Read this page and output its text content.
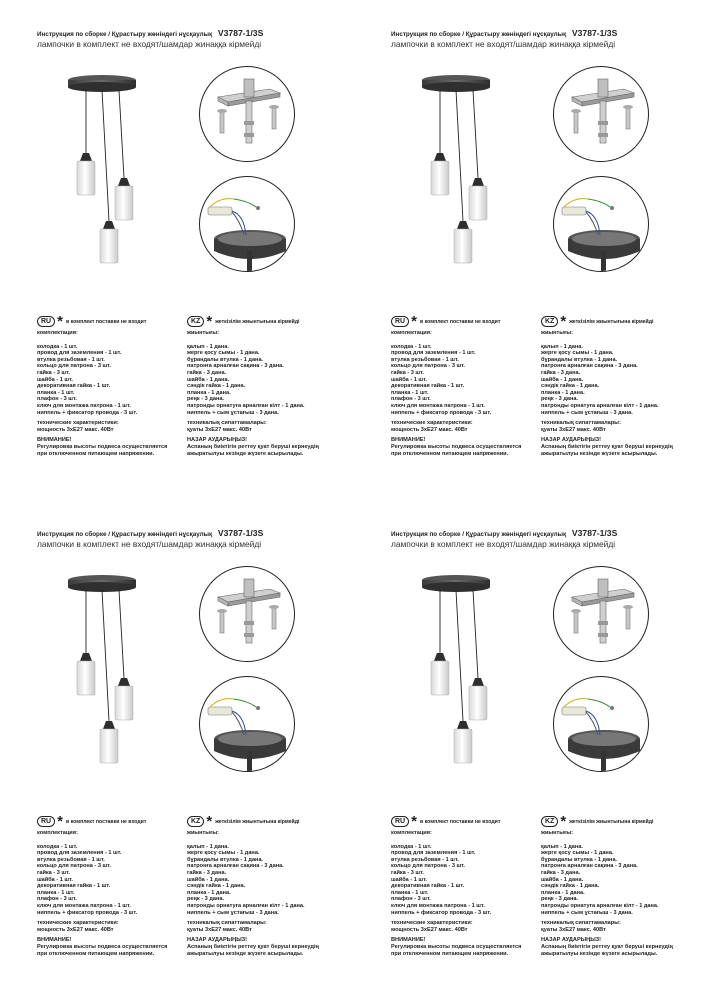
Инструкция по сборке / Құрастыру жөніндегі нұсқаулық V3787-1/3S
лампочки в комплект не входят/шамдар жинаққа кірмейді
RU * в комплект поставки не входит	KZ * жеткізілім жиынтығына кірмейді
комплектация:
колодка - 1 шт.
провод для заземления - 1 шт.
втулка резьбовая - 1 шт.
кольцо для патрона - 3 шт.
гайка - 3 шт.
шайба - 1 шт.
декоративная гайка - 1 шт.
планка - 1 шт.
плафон - 3 шт.
ключ для монтажа патрона - 1 шт.
ниппель + фиксатор провода - 3 шт.
технические характеристики:
мощность 3xE27 макс. 40Вт
ВНИМАНИЕ!
Регулировка высоты подвеса осуществляется
при отключенном питающем напряжении.
жиынтығы:
қалып - 1 дана.
жерге қосу сымы - 1 дана.
бұрандалы втулка - 1 дана.
патронға арналған сақина - 3 дана.
гайка - 3 дана.
шайба - 1 дана.
сәндік гайка - 1 дана.
планка - 1 дана.
реңк - 3 дана.
патронды орнатуға арналған кілт - 1 дана.
ниппель + сым ұстағыш - 3 дана.
техникалық сипаттамалары:
қуаты 3xE27 макс. 40Вт
НАЗАР АУДАРЫҢЫЗ!
Аспаның биіктігін реттеу қуат беруші кернеудің
ажыратылуы кезінде жүзеге асырылады.
Инструкция по сборке / Құрастыру жөніндегі нұсқаулық V3787-1/3S
лампочки в комплект не входят/шамдар жинаққа кірмейді
RU * в комплект поставки не входит	KZ * жеткізілім жиынтығына кірмейді
комплектация:
колодка - 1 шт.
провод для заземления - 1 шт.
втулка резьбовая - 1 шт.
кольцо для патрона - 3 шт.
гайка - 3 шт.
шайба - 1 шт.
декоративная гайка - 1 шт.
планка - 1 шт.
плафон - 3 шт.
ключ для монтажа патрона - 1 шт.
ниппель + фиксатор провода - 3 шт.
технические характеристики:
мощность 3xE27 макс. 40Вт
ВНИМАНИЕ!
Регулировка высоты подвеса осуществляется
при отключенном питающем напряжении.
жиынтығы:
қалып - 1 дана.
жерге қосу сымы - 1 дана.
бұрандалы втулка - 1 дана.
патронға арналған сақина - 3 дана.
гайка - 3 дана.
шайба - 1 дана.
сәндік гайка - 1 дана.
планка - 1 дана.
реңк - 3 дана.
патронды орнатуға арналған кілт - 1 дана.
ниппель + сым ұстағыш - 3 дана.
техникалық сипаттамалары:
қуаты 3xE27 макс. 40Вт
НАЗАР АУДАРЫҢЫЗ!
Аспаның биіктігін реттеу қуат беруші кернеудің
ажыратылуы кезінде жүзеге асырылады.
Инструкция по сборке / Құрастыру жөніндегі нұсқаулық V3787-1/3S
лампочки в комплект не входят/шамдар жинаққа кірмейді
RU * в комплект поставки не входит	KZ * жеткізілім жиынтығына кірмейді
комплектация:
колодка - 1 шт.
провод для заземления - 1 шт.
втулка резьбовая - 1 шт.
кольцо для патрона - 3 шт.
гайка - 3 шт.
шайба - 1 шт.
декоративная гайка - 1 шт.
планка - 1 шт.
плафон - 3 шт.
ключ для монтажа патрона - 1 шт.
ниппель + фиксатор провода - 3 шт.
технические характеристики:
мощность 3xE27 макс. 40Вт
ВНИМАНИЕ!
Регулировка высоты подвеса осуществляется
при отключенном питающем напряжении.
жиынтығы:
қалып - 1 дана.
жерге қосу сымы - 1 дана.
бұрандалы втулка - 1 дана.
патронға арналған сақина - 3 дана.
гайка - 3 дана.
шайба - 1 дана.
сәндік гайка - 1 дана.
планка - 1 дана.
реңк - 3 дана.
патронды орнатуға арналған кілт - 1 дана.
ниппель + сым ұстағыш - 3 дана.
техникалық сипаттамалары:
қуаты 3xE27 макс. 40Вт
НАЗАР АУДАРЫҢЫЗ!
Аспаның биіктігін реттеу қуат беруші кернеудің
ажыратылуы кезінде жүзеге асырылады.
Инструкция по сборке / Құрастыру жөніндегі нұсқаулық V3787-1/3S
лампочки в комплект не входят/шамдар жинаққа кірмейді
RU * в комплект поставки не входит	KZ * жеткізілім жиынтығына кірмейді
комплектация:
колодка - 1 шт.
провод для заземления - 1 шт.
втулка резьбовая - 1 шт.
кольцо для патрона - 3 шт.
гайка - 3 шт.
шайба - 1 шт.
декоративная гайка - 1 шт.
планка - 1 шт.
плафон - 3 шт.
ключ для монтажа патрона - 1 шт.
ниппель + фиксатор провода - 3 шт.
технические характеристики:
мощность 3xE27 макс. 40Вт
ВНИМАНИЕ!
Регулировка высоты подвеса осуществляется
при отключенном питающем напряжении.
жиынтығы:
қалып - 1 дана.
жерге қосу сымы - 1 дана.
бұрандалы втулка - 1 дана.
патронға арналған сақина - 3 дана.
гайка - 3 дана.
шайба - 1 дана.
сәндік гайка - 1 дана.
планка - 1 дана.
реңк - 3 дана.
патронды орнатуға арналған кілт - 1 дана.
ниппель + сым ұстағыш - 3 дана.
техникалық сипаттамалары:
қуаты 3xE27 макс. 40Вт
НАЗАР АУДАРЫҢЫЗ!
Аспаның биіктігін реттеу қуат беруші кернеудің
ажыратылуы кезінде жүзеге асырылады.
